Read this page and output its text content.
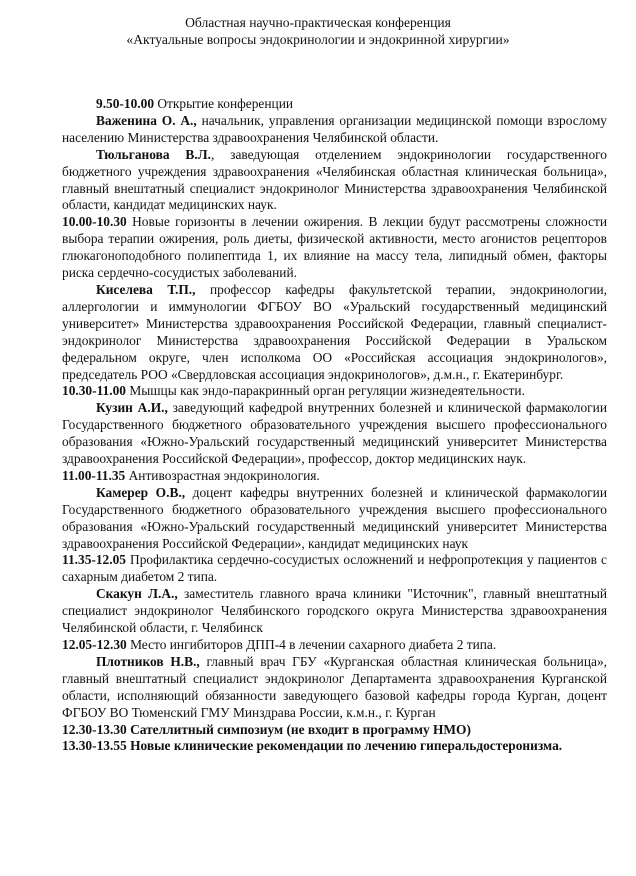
Областная научно-практическая конференция
«Актуальные вопросы эндокринологии и эндокринной хирургии»

9.50-10.00 Открытие конференции

Важенина О. А., начальник, управления организации медицинской помощи взрослому населению Министерства здравоохранения Челябинской области.

Тюльганова В.Л., заведующая отделением эндокринологии государственного бюджетного учреждения здравоохранения «Челябинская областная клиническая больница», главный внештатный специалист эндокринолог Министерства здравоохранения Челябинской области, кандидат медицинских наук.

10.00-10.30 Новые горизонты в лечении ожирения. В лекции будут рассмотрены сложности выбора терапии ожирения, роль диеты, физической активности, место агонистов рецепторов глюкагоноподобного полипептида 1, их влияние на массу тела, липидный обмен, факторы риска сердечно-сосудистых заболеваний.

Киселева Т.П., профессор кафедры факультетской терапии, эндокринологии, аллергологии и иммунологии ФГБОУ ВО «Уральский государственный медицинский университет» Министерства здравоохранения Российской Федерации, главный специалист-эндокринолог Министерства здравоохранения Российской Федерации в Уральском федеральном округе, член исполкома ОО «Российская ассоциация эндокринологов», председатель РОО «Свердловская ассоциация эндокринологов», д.м.н., г. Екатеринбург.

10.30-11.00 Мышцы как эндо-паракринный орган регуляции жизнедеятельности.

Кузин А.И., заведующий кафедрой внутренних болезней и клинической фармакологии Государственного бюджетного образовательного учреждения высшего профессионального образования «Южно-Уральский государственный медицинский университет Министерства здравоохранения Российской Федерации», профессор, доктор медицинских наук.

11.00-11.35 Антивозрастная эндокринология.

Камерер О.В., доцент кафедры внутренних болезней и клинической фармакологии Государственного бюджетного образовательного учреждения высшего профессионального образования «Южно-Уральский государственный медицинский университет Министерства здравоохранения Российской Федерации», кандидат медицинских наук

11.35-12.05 Профилактика сердечно-сосудистых осложнений и нефропротекция у пациентов с сахарным диабетом 2 типа.

Скакун Л.А., заместитель главного врача клиники "Источник", главный внештатный специалист эндокринолог Челябинского городского округа Министерства здравоохранения Челябинской области, г. Челябинск

12.05-12.30 Место ингибиторов ДПП-4 в лечении сахарного диабета 2 типа.

Плотников Н.В., главный врач ГБУ «Курганская областная клиническая больница», главный внештатный специалист эндокринолог Департамента здравоохранения Курганской области, исполняющий обязанности заведующего базовой кафедры города Курган, доцент ФГБОУ ВО Тюменский ГМУ Минздрава России, к.м.н., г. Курган

12.30-13.30 Сателлитный симпозиум (не входит в программу НМО)

13.30-13.55 Новые клинические рекомендации по лечению гиперальдостеронизма.
